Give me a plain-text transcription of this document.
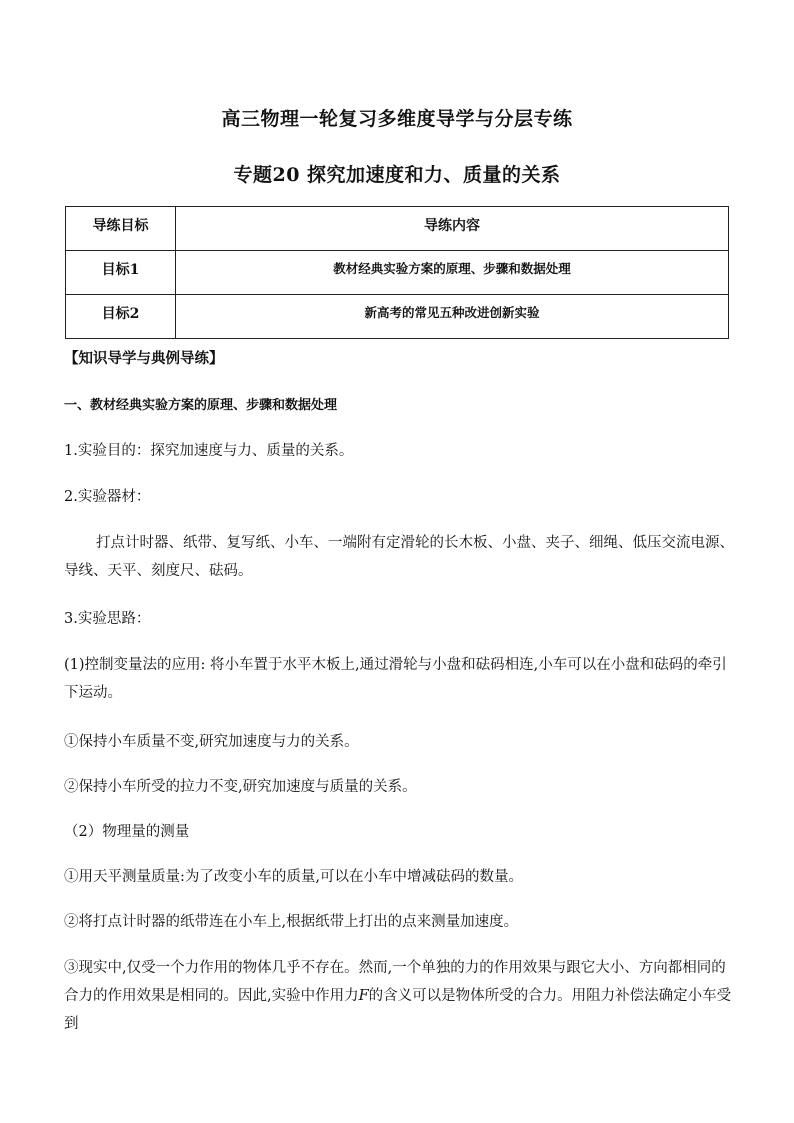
高三物理一轮复习多维度导学与分层专练
专题20 探究加速度和力、质量的关系
导练目标	导练内容
目标1	教材经典实验方案的原理、步骤和数据处理
目标2	新高考的常见五种改进创新实验
【知识导学与典例导练】
一、教材经典实验方案的原理、步骤和数据处理
1.实验目的：探究加速度与力、质量的关系。
2.实验器材：
打点计时器、纸带、复写纸、小车、一端附有定滑轮的长木板、小盘、夹子、细绳、低压交流电源、导线、天平、刻度尺、砝码。
3.实验思路：
(1)控制变量法的应用: 将小车置于水平木板上,通过滑轮与小盘和砝码相连,小车可以在小盘和砝码的牵引下运动。
①保持小车质量不变,研究加速度与力的关系。
②保持小车所受的拉力不变,研究加速度与质量的关系。
（2）物理量的测量
①用天平测量质量:为了改变小车的质量,可以在小车中增减砝码的数量。
②将打点计时器的纸带连在小车上,根据纸带上打出的点来测量加速度。
③现实中,仅受一个力作用的物体几乎不存在。然而,一个单独的力的作用效果与跟它大小、方向都相同的合力的作用效果是相同的。因此,实验中作用力F的含义可以是物体所受的合力。用阻力补偿法确定小车受到
